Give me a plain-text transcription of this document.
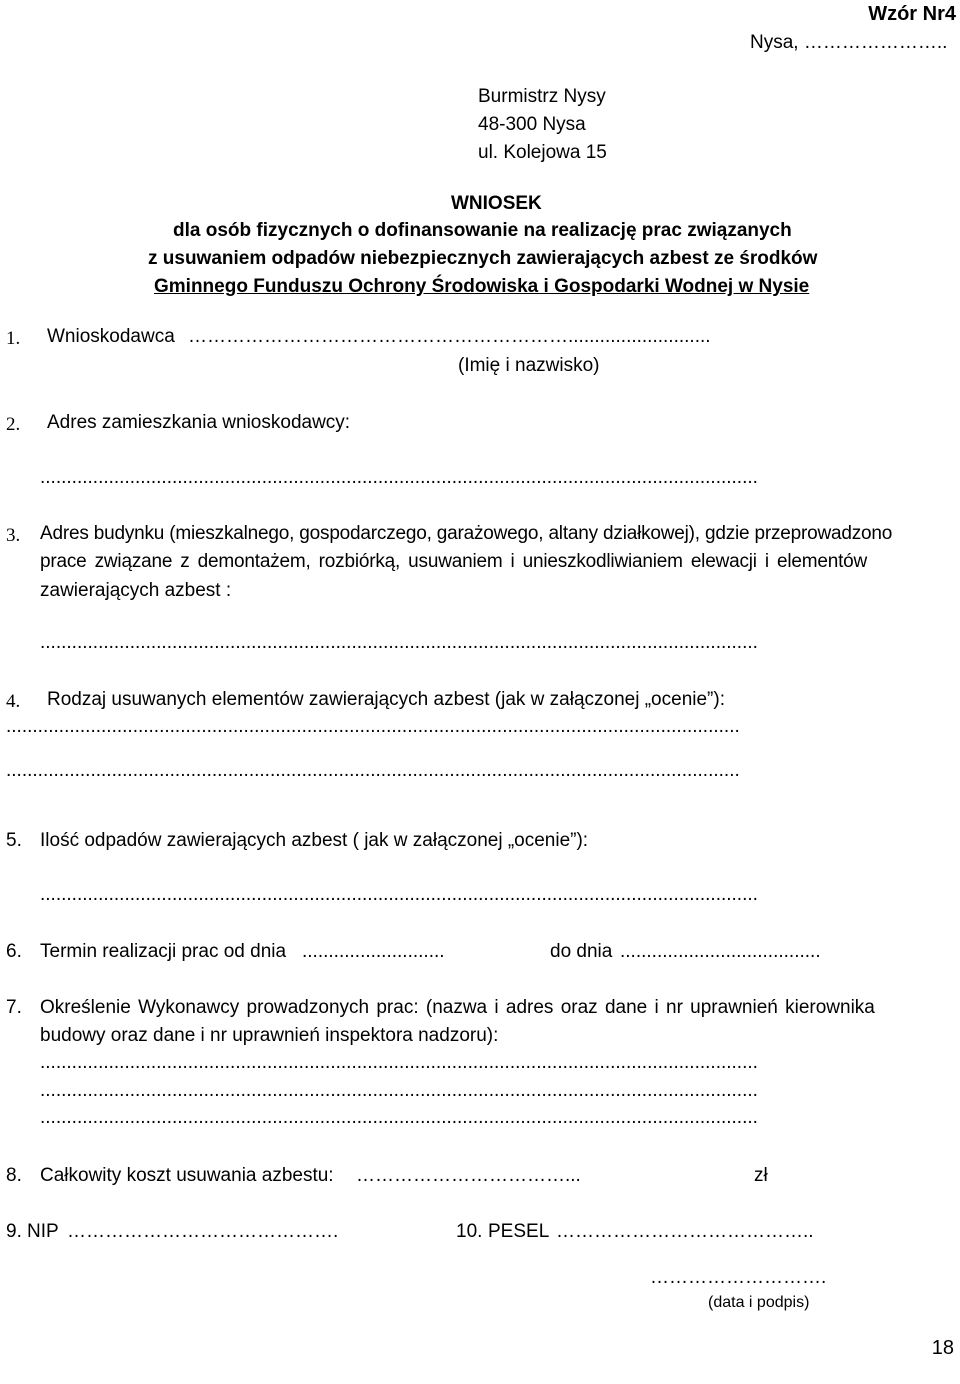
Wzór Nr4
Nysa, …………………..
Burmistrz Nysy
48-300 Nysa
ul. Kolejowa 15
WNIOSEK
dla osób fizycznych o dofinansowanie na realizację prac związanych
z usuwaniem odpadów niebezpiecznych zawierających azbest ze środków
Gminnego Funduszu Ochrony Środowiska i Gospodarki Wodnej w Nysie
1. Wnioskodawca ……………………………………………………...........................
(Imię i nazwisko)
2. Adres zamieszkania wnioskodawcy:
........................................................................................................................................
3. Adres budynku (mieszkalnego, gospodarczego, garażowego, altany działkowej), gdzie przeprowadzono
prace związane z demontażem, rozbiórką, usuwaniem i unieszkodliwianiem elewacji i elementów
zawierających azbest :
........................................................................................................................................
4. Rodzaj usuwanych elementów zawierających azbest (jak w załączonej „ocenie”):
...........................................................................................................................................
...........................................................................................................................................
5. Ilość odpadów zawierających azbest ( jak w załączonej „ocenie”):
........................................................................................................................................
6. Termin realizacji prac od dnia ...........................	do dnia ......................................
7. Określenie Wykonawcy prowadzonych prac: (nazwa i adres oraz dane i nr uprawnień kierownika
budowy oraz dane i nr uprawnień inspektora nadzoru):
........................................................................................................................................
........................................................................................................................................
........................................................................................................................................
8. Całkowity koszt usuwania azbestu: ……………………………...	zł
9. NIP …………………………………….	10. PESEL …………………………………..
……………………….
(data i podpis)
18
